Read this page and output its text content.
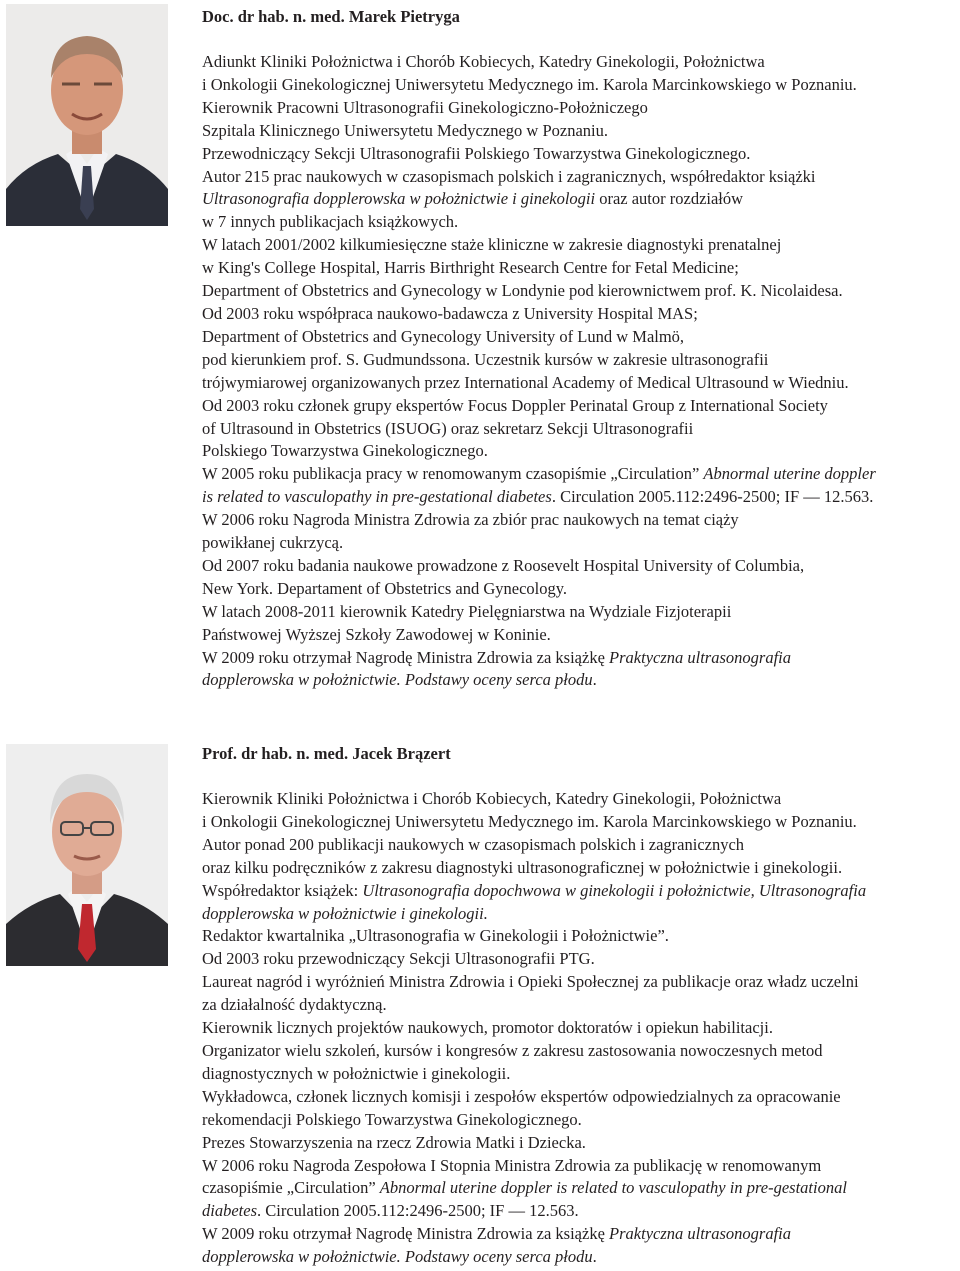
Doc. dr hab. n. med. Marek Pietryga
Adiunkt Kliniki Położnictwa i Chorób Kobiecych, Katedry Ginekologii, Położnictwa
i Onkologii Ginekologicznej Uniwersytetu Medycznego im. Karola Marcinkowskiego w Poznaniu.
Kierownik Pracowni Ultrasonografii Ginekologiczno-Położniczego
Szpitala Klinicznego Uniwersytetu Medycznego w Poznaniu.
Przewodniczący Sekcji Ultrasonografii Polskiego Towarzystwa Ginekologicznego.
Autor 215 prac naukowych w czasopismach polskich i zagranicznych, współredaktor książki
Ultrasonografia dopplerowska w położnictwie i ginekologii oraz autor rozdziałów
w 7 innych publikacjach książkowych.
W latach 2001/2002 kilkumiesięczne staże kliniczne w zakresie diagnostyki prenatalnej
w King's College Hospital, Harris Birthright Research Centre for Fetal Medicine;
Department of Obstetrics and Gynecology w Londynie pod kierownictwem prof. K. Nicolaidesa.
Od 2003 roku współpraca naukowo-badawcza z University Hospital MAS;
Department of Obstetrics and Gynecology University of Lund w Malmö,
pod kierunkiem prof. S. Gudmundssona. Uczestnik kursów w zakresie ultrasonografii
trójwymiarowej organizowanych przez International Academy of Medical Ultrasound w Wiedniu.
Od 2003 roku członek grupy ekspertów Focus Doppler Perinatal Group z International Society
of Ultrasound in Obstetrics (ISUOG) oraz sekretarz Sekcji Ultrasonografii
Polskiego Towarzystwa Ginekologicznego.
W 2005 roku publikacja pracy w renomowanym czasopiśmie „Circulation” Abnormal uterine doppler
is related to vasculopathy in pre-gestational diabetes. Circulation 2005.112:2496-2500; IF — 12.563.
W 2006 roku Nagroda Ministra Zdrowia za zbiór prac naukowych na temat ciąży
powikłanej cukrzycą.
Od 2007 roku badania naukowe prowadzone z Roosevelt Hospital University of Columbia,
New York. Departament of Obstetrics and Gynecology.
W latach 2008-2011 kierownik Katedry Pielęgniarstwa na Wydziale Fizjoterapii
Państwowej Wyższej Szkoły Zawodowej w Koninie.
W 2009 roku otrzymał Nagrodę Ministra Zdrowia za książkę Praktyczna ultrasonografia
dopplerowska w położnictwie. Podstawy oceny serca płodu.
Prof. dr hab. n. med. Jacek Brązert
Kierownik Kliniki Położnictwa i Chorób Kobiecych, Katedry Ginekologii, Położnictwa
i Onkologii Ginekologicznej Uniwersytetu Medycznego im. Karola Marcinkowskiego w Poznaniu.
Autor ponad 200 publikacji naukowych w czasopismach polskich i zagranicznych
oraz kilku podręczników z zakresu diagnostyki ultrasonograficznej w położnictwie i ginekologii.
Współredaktor książek: Ultrasonografia dopochwowa w ginekologii i położnictwie, Ultrasonografia
dopplerowska w położnictwie i ginekologii.
Redaktor kwartalnika „Ultrasonografia w Ginekologii i Położnictwie”.
Od 2003 roku przewodniczący Sekcji Ultrasonografii PTG.
Laureat nagród i wyróżnień Ministra Zdrowia i Opieki Społecznej za publikacje oraz władz uczelni
za działalność dydaktyczną.
Kierownik licznych projektów naukowych, promotor doktoratów i opiekun habilitacji.
Organizator wielu szkoleń, kursów i kongresów z zakresu zastosowania nowoczesnych metod
diagnostycznych w położnictwie i ginekologii.
Wykładowca, członek licznych komisji i zespołów ekspertów odpowiedzialnych za opracowanie
rekomendacji Polskiego Towarzystwa Ginekologicznego.
Prezes Stowarzyszenia na rzecz Zdrowia Matki i Dziecka.
W 2006 roku Nagroda Zespołowa I Stopnia Ministra Zdrowia za publikację w renomowanym
czasopiśmie „Circulation” Abnormal uterine doppler is related to vasculopathy in pre-gestational
diabetes. Circulation 2005.112:2496-2500; IF — 12.563.
W 2009 roku otrzymał Nagrodę Ministra Zdrowia za książkę Praktyczna ultrasonografia
dopplerowska w położnictwie. Podstawy oceny serca płodu.
